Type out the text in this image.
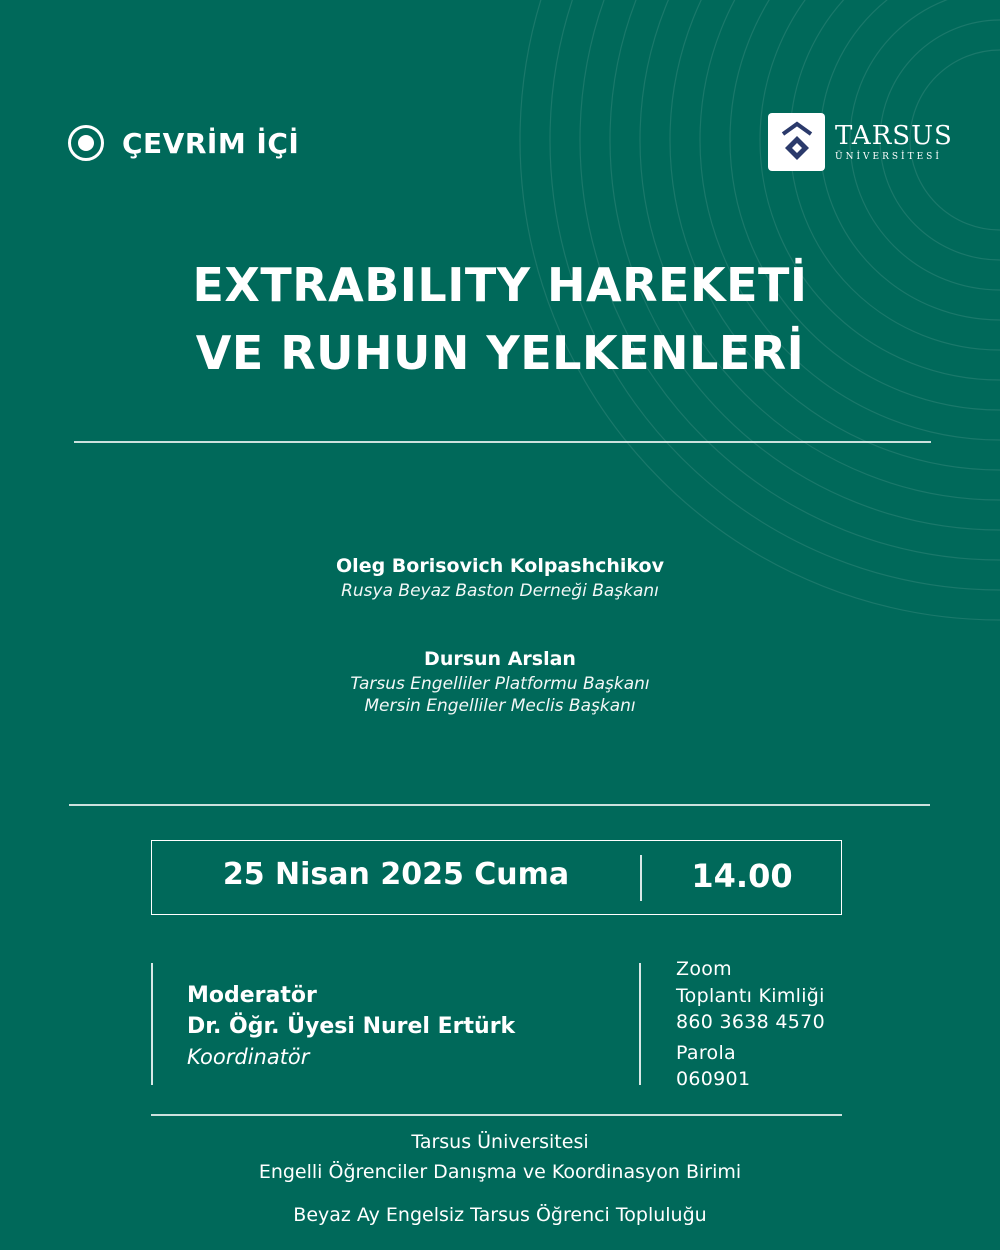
ÇEVRİM İÇİ	TARSUS
ÜNİVERSİTESİ
EXTRABILITY HAREKETİ
VE RUHUN YELKENLERİ
Oleg Borisovich Kolpashchikov
Rusya Beyaz Baston Derneği Başkanı
Dursun Arslan
Tarsus Engelliler Platformu Başkanı
Mersin Engelliler Meclis Başkanı
25 Nisan 2025 Cuma	14.00
Moderatör
Dr. Öğr. Üyesi Nurel Ertürk
Koordinatör
Zoom
Toplantı Kimliği
860 3638 4570
Parola
060901
Tarsus Üniversitesi
Engelli Öğrenciler Danışma ve Koordinasyon Birimi
Beyaz Ay Engelsiz Tarsus Öğrenci Topluluğu
